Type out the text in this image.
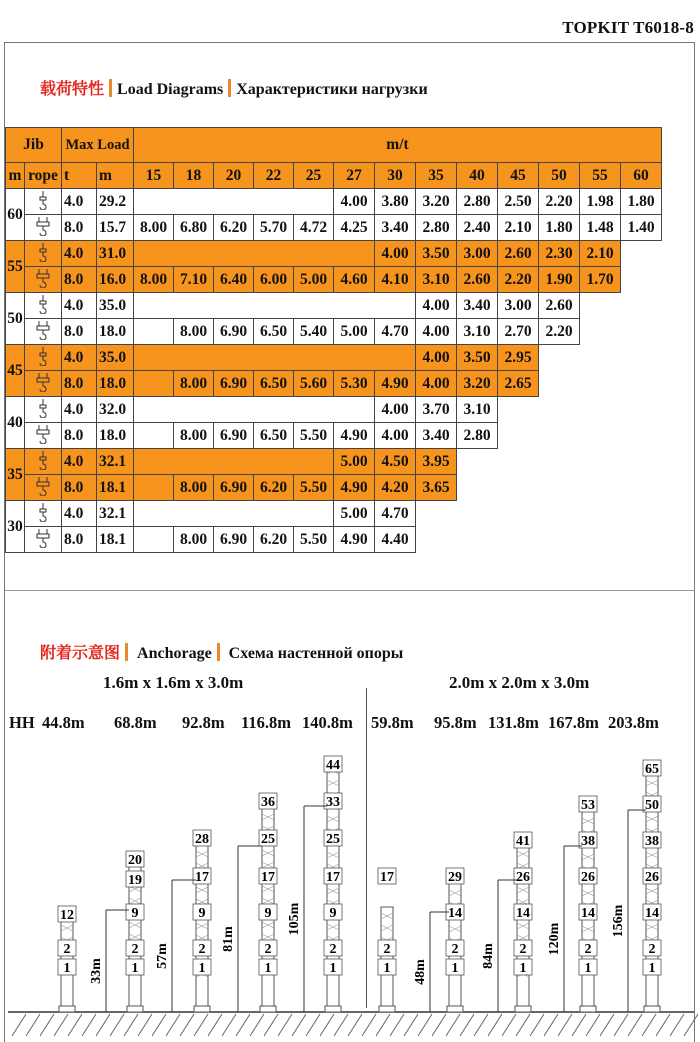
TOPKIT T6018-8
载荷特性 Load Diagrams Характеристики нагрузки
Jib		Max Load		m/t												
m	rope	t	m	15	18	20	22	25	27	30	35	40	45	50	55	60
60		4.0	29.2						4.00	3.80	3.20	2.80	2.50	2.20	1.98	1.80
	8.0	15.7	8.00	6.80	6.20	5.70	4.72	4.25	3.40	2.80	2.40	2.10	1.80	1.48	1.40
55		4.0	31.0							4.00	3.50	3.00	2.60	2.30	2.10	
	8.0	16.0	8.00	7.10	6.40	6.00	5.00	4.60	4.10	3.10	2.60	2.20	1.90	1.70	
50		4.0	35.0								4.00	3.40	3.00	2.60		
	8.0	18.0		8.00	6.90	6.50	5.40	5.00	4.70	4.00	3.10	2.70	2.20		
45		4.0	35.0								4.00	3.50	2.95			
	8.0	18.0		8.00	6.90	6.50	5.60	5.30	4.90	4.00	3.20	2.65			
40		4.0	32.0							4.00	3.70	3.10				
	8.0	18.0		8.00	6.90	6.50	5.50	4.90	4.00	3.40	2.80				
35		4.0	32.1						5.00	4.50	3.95					
	8.0	18.1		8.00	6.90	6.20	5.50	4.90	4.20	3.65					
30		4.0	32.1						5.00	4.70						
	8.0	18.1		8.00	6.90	6.20	5.50	4.90	4.40						
附着示意图 Anchorage Схема настенной опоры
1.6m x 1.6m x 3.0m	2.0m x 2.0m x 3.0m
HH 44.8m 68.8m 92.8m 116.8m 140.8m 59.8m 95.8m 131.8m 167.8m 203.8m
12
2
1
20
19
9
2
1
33m
28
17
9
2
1
57m
36
25
17
9
2
1
81m
44
33
25
17
9
2
1
105m
17
2
1
29
14
2
1
48m
41
26
14
2
1
84m
53
38
26
14
2
1
120m
65
50
38
26
14
2
1
156m
